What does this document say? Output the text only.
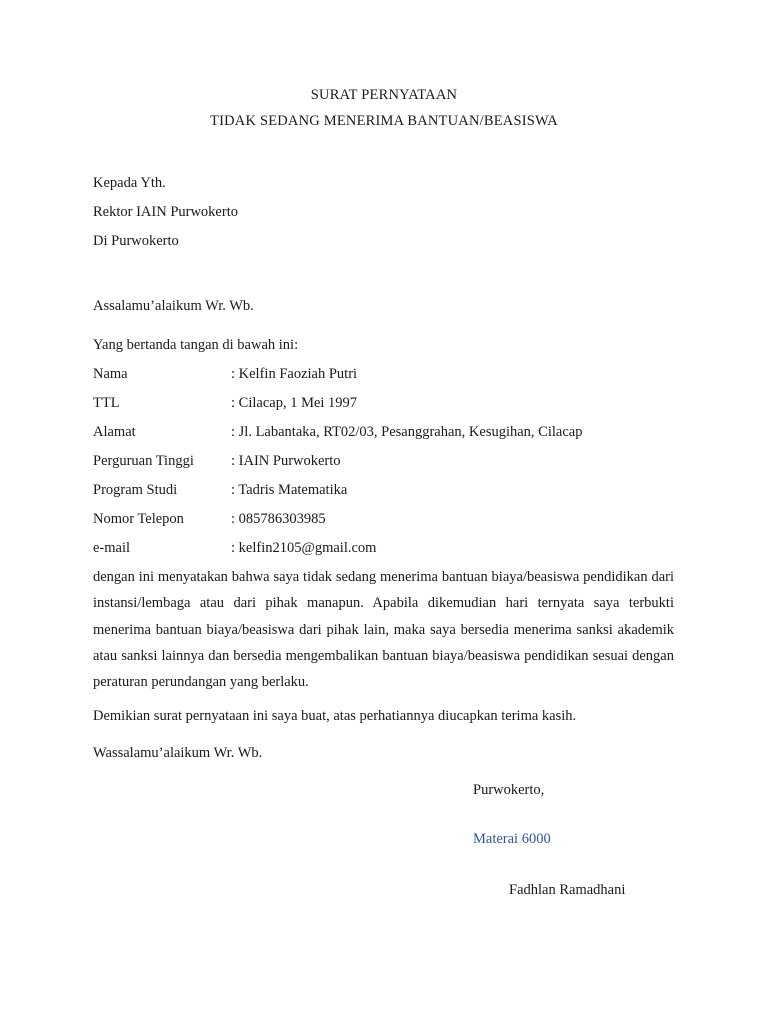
SURAT PERNYATAAN
TIDAK SEDANG MENERIMA BANTUAN/BEASISWA
Kepada Yth.
Rektor IAIN Purwokerto
Di Purwokerto
Assalamu’alaikum Wr. Wb.
Yang bertanda tangan di bawah ini:
Nama	: Kelfin Faoziah Putri
TTL	: Cilacap, 1 Mei 1997
Alamat	: Jl. Labantaka, RT02/03, Pesanggrahan, Kesugihan, Cilacap
Perguruan Tinggi	: IAIN Purwokerto
Program Studi	: Tadris Matematika
Nomor Telepon	: 085786303985
e-mail	: kelfin2105@gmail.com
dengan ini menyatakan bahwa saya tidak sedang menerima bantuan biaya/beasiswa pendidikan dari instansi/lembaga atau dari pihak manapun. Apabila dikemudian hari ternyata saya terbukti menerima bantuan biaya/beasiswa dari pihak lain, maka saya bersedia menerima sanksi akademik atau sanksi lainnya dan bersedia mengembalikan bantuan biaya/beasiswa pendidikan sesuai dengan peraturan perundangan yang berlaku.
Demikian surat pernyataan ini saya buat, atas perhatiannya diucapkan terima kasih.
Wassalamu’alaikum Wr. Wb.
Purwokerto,
Materai 6000
Fadhlan Ramadhani
